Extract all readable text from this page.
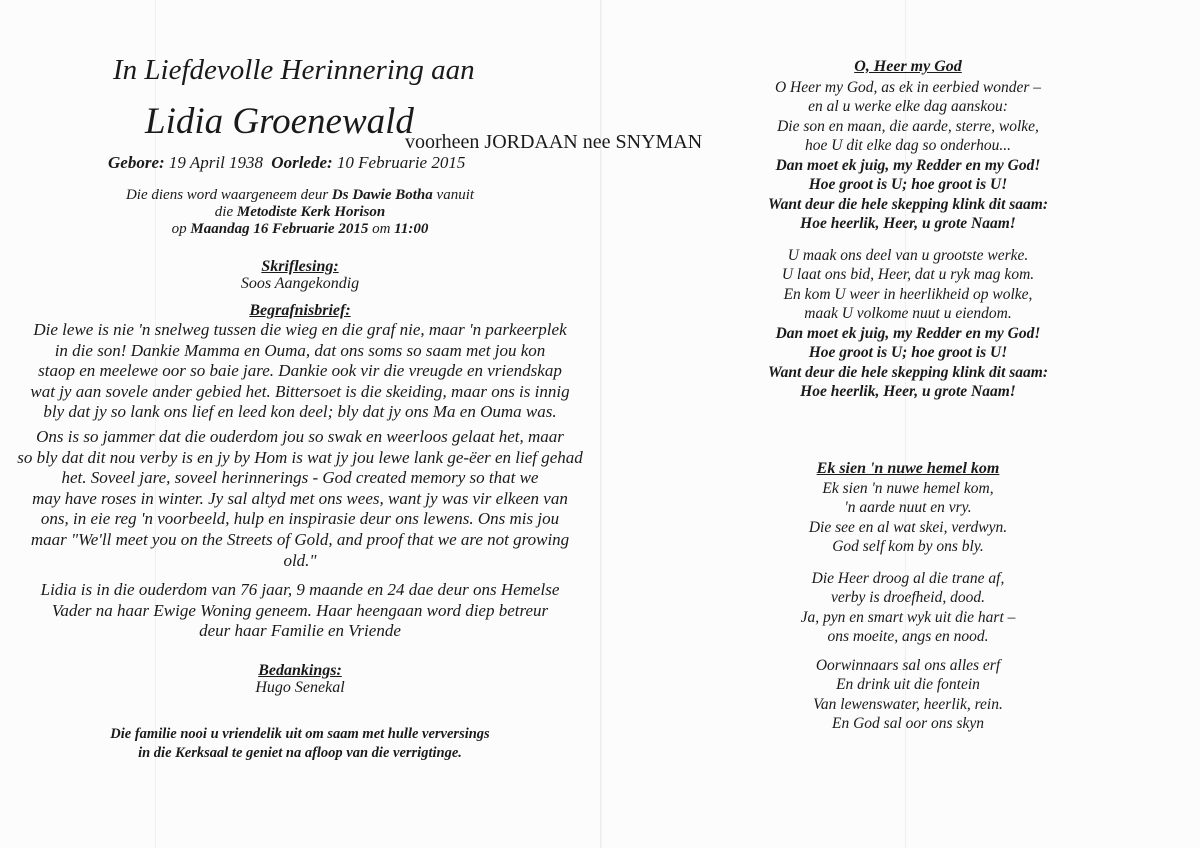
In Liefdevolle Herinnering aan
Lidia Groenewald
voorheen JORDAAN nee SNYMAN
Gebore: 19 April 1938 Oorlede: 10 Februarie 2015
Die diens word waargeneem deur Ds Dawie Botha vanuit
die Metodiste Kerk Horison
op Maandag 16 Februarie 2015 om 11:00
Skriflesing:
Soos Aangekondig
Begrafnisbrief:
Die lewe is nie 'n snelweg tussen die wieg en die graf nie, maar 'n parkeerplek
in die son! Dankie Mamma en Ouma, dat ons soms so saam met jou kon
staop en meelewe oor so baie jare. Dankie ook vir die vreugde en vriendskap
wat jy aan sovele ander gebied het. Bittersoet is die skeiding, maar ons is innig
bly dat jy so lank ons lief en leed kon deel; bly dat jy ons Ma en Ouma was.
Ons is so jammer dat die ouderdom jou so swak en weerloos gelaat het, maar
so bly dat dit nou verby is en jy by Hom is wat jy jou lewe lank ge-ëer en lief gehad
het. Soveel jare, soveel herinnerings - God created memory so that we
may have roses in winter. Jy sal altyd met ons wees, want jy was vir elkeen van
ons, in eie reg 'n voorbeeld, hulp en inspirasie deur ons lewens. Ons mis jou
maar "We'll meet you on the Streets of Gold, and proof that we are not growing
old."
Lidia is in die ouderdom van 76 jaar, 9 maande en 24 dae deur ons Hemelse
Vader na haar Ewige Woning geneem. Haar heengaan word diep betreur
deur haar Familie en Vriende
Bedankings:
Hugo Senekal
Die familie nooi u vriendelik uit om saam met hulle verversings
in die Kerksaal te geniet na afloop van die verrigtinge.
O, Heer my God
O Heer my God, as ek in eerbied wonder –
en al u werke elke dag aanskou:
Die son en maan, die aarde, sterre, wolke,
hoe U dit elke dag so onderhou...
Dan moet ek juig, my Redder en my God!
Hoe groot is U; hoe groot is U!
Want deur die hele skepping klink dit saam:
Hoe heerlik, Heer, u grote Naam!
U maak ons deel van u grootste werke.
U laat ons bid, Heer, dat u ryk mag kom.
En kom U weer in heerlikheid op wolke,
maak U volkome nuut u eiendom.
Dan moet ek juig, my Redder en my God!
Hoe groot is U; hoe groot is U!
Want deur die hele skepping klink dit saam:
Hoe heerlik, Heer, u grote Naam!
Ek sien 'n nuwe hemel kom
Ek sien 'n nuwe hemel kom,
'n aarde nuut en vry.
Die see en al wat skei, verdwyn.
God self kom by ons bly.
Die Heer droog al die trane af,
verby is droefheid, dood.
Ja, pyn en smart wyk uit die hart –
ons moeite, angs en nood.
Oorwinnaars sal ons alles erf
En drink uit die fontein
Van lewenswater, heerlik, rein.
En God sal oor ons skyn
